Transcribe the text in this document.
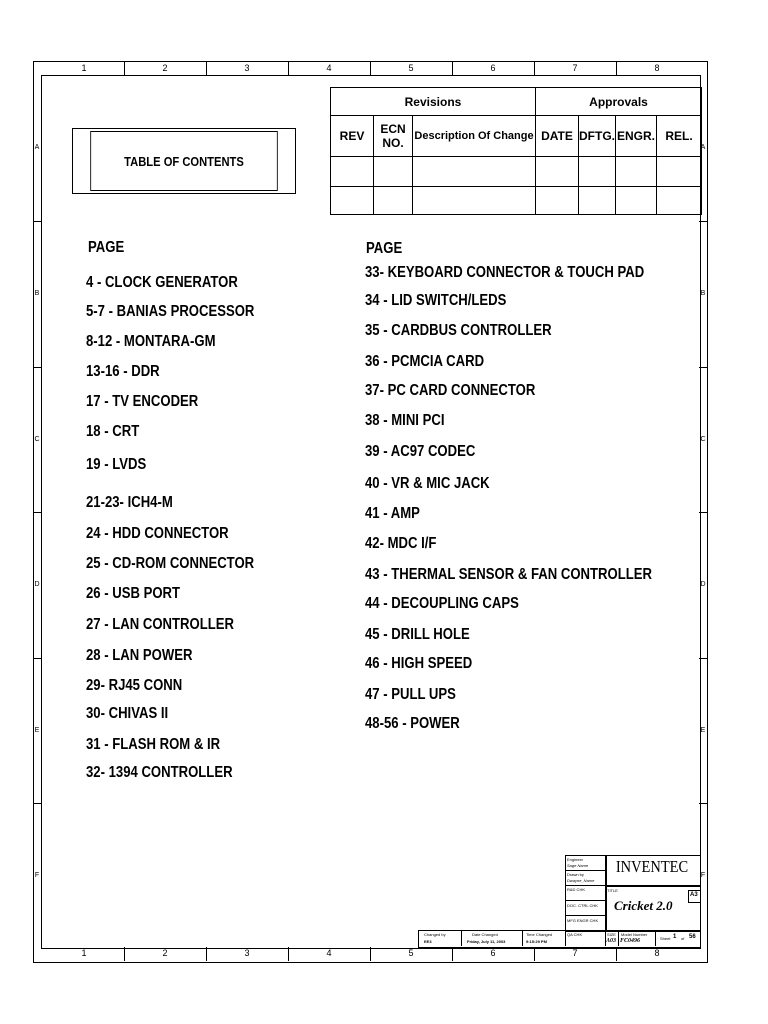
1	2	3	4	5	6	7	8
1	2	3	4	5	6	7	8
A
B
C
D
E
F
A
B
C
D
E
F
Revisions			Approvals			
REV	ECN NO.	Description Of Change	DATE	DFTG.	ENGR.	REL.

TABLE OF CONTENTS
PAGE
4 - CLOCK GENERATOR
5-7 - BANIAS PROCESSOR
8-12 - MONTARA-GM
13-16 - DDR
17 - TV ENCODER
18 - CRT
19 - LVDS
21-23- ICH4-M
24 - HDD CONNECTOR
25 - CD-ROM CONNECTOR
26 - USB PORT
27 - LAN CONTROLLER
28 - LAN POWER
29- RJ45 CONN
30- CHIVAS II
31 - FLASH ROM & IR
32- 1394 CONTROLLER
PAGE
33- KEYBOARD CONNECTOR & TOUCH PAD
34 - LID SWITCH/LEDS
35 - CARDBUS CONTROLLER
36 - PCMCIA CARD
37- PC CARD CONNECTOR
38 - MINI PCI
39 - AC97 CODEC
40 - VR & MIC JACK
41 - AMP
42- MDC I/F
43 - THERMAL SENSOR & FAN CONTROLLER
44 - DECOUPLING CAPS
45 - DRILL HOLE
46 - HIGH SPEED
47 - PULL UPS
48-56 - POWER
Engineer
Sage Name
Drawn by
Dwayne_Name
R&D CHK
DOC. CTRL CHK
MFG ENGR CHK
INVENTEC
TITLE
Cricket 2.0
A3
Changed by
EE3
Date Changed
Friday, July 11, 2003
Time Changed
9:15:29 PM
QA CHK	SIZE
A03
Model Number
FC0496	Sheet 1 of 56
